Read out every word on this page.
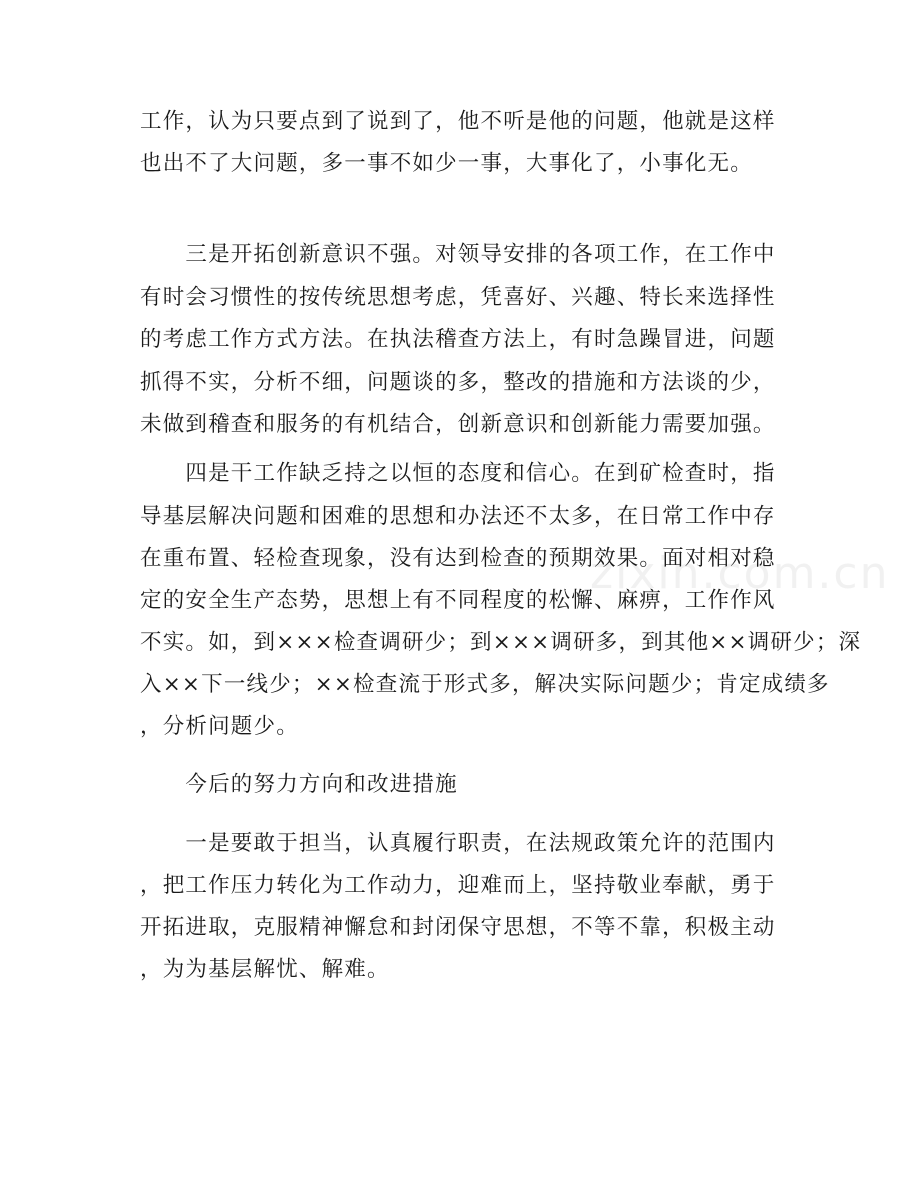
zixin.com.cn
工作，认为只要点到了说到了，他不听是他的问题，他就是这样
也出不了大问题，多一事不如少一事，大事化了，小事化无。
　　三是开拓创新意识不强。对领导安排的各项工作，在工作中
有时会习惯性的按传统思想考虑，凭喜好、兴趣、特长来选择性
的考虑工作方式方法。在执法稽查方法上，有时急躁冒进，问题
抓得不实，分析不细，问题谈的多，整改的措施和方法谈的少，
未做到稽查和服务的有机结合，创新意识和创新能力需要加强。
　　四是干工作缺乏持之以恒的态度和信心。在到矿检查时，指
导基层解决问题和困难的思想和办法还不太多，在日常工作中存
在重布置、轻检查现象，没有达到检查的预期效果。面对相对稳
定的安全生产态势，思想上有不同程度的松懈、麻痹，工作作风
不实。如，到×××检查调研少；到×××调研多，到其他××调研少；深
入××下一线少；××检查流于形式多，解决实际问题少；肯定成绩多
，分析问题少。
　　今后的努力方向和改进措施
　　一是要敢于担当，认真履行职责，在法规政策允许的范围内
，把工作压力转化为工作动力，迎难而上，坚持敬业奉献，勇于
开拓进取，克服精神懈怠和封闭保守思想，不等不靠，积极主动
，为为基层解忧、解难。
